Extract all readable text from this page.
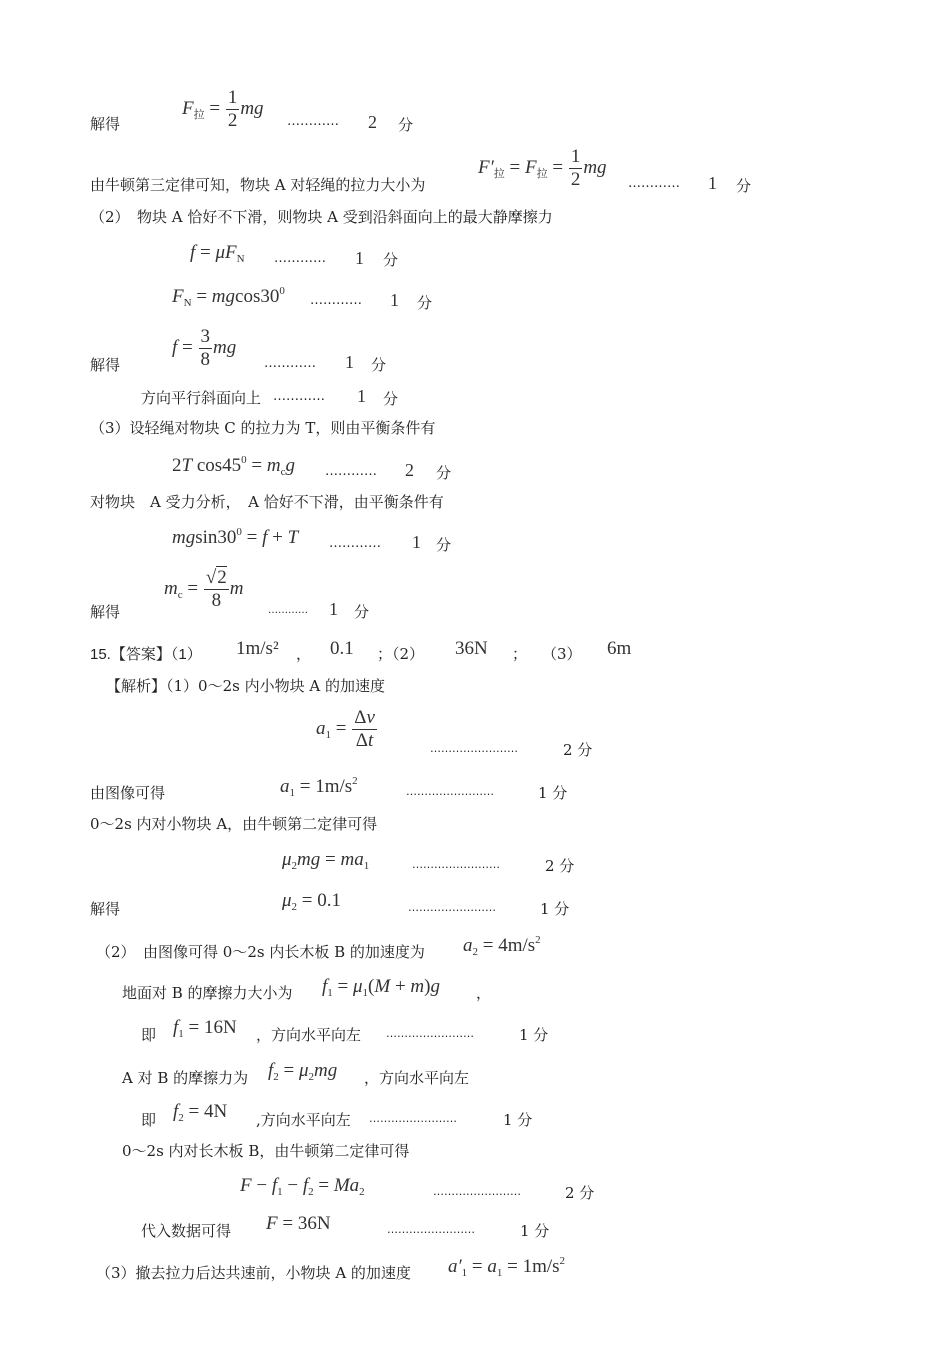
$F_拉 = \frac{1}{2}$ mg
解得	………… 2 分
由牛顿第三定律可知，物块 A 对轻绳的拉力大小为
$F'_拉 = F_拉 = \frac{1}{2}$ mg
………… 1 分
（2）　物块 A 恰好不下滑，则物块 A 受到沿斜面向上的最大静摩擦力
$f = \mu F_N$ ………… 1 分
$F_N = mgcos30^0$
………… 1 分
$f = \frac{3}{8}$ mg
解得	………… 1 分
方向平行斜面向上 ………… 1 分
（3）设轻绳对物块 C 的拉力为 T，则由平衡条件有
2T $\cos 45^0 = m_cg$ ………… 2 分
对物块　A 受力分析，　A 恰好不下滑，由平衡条件有
$mgsin30^0 = f + T$ ………… 1 分
$m_c = \frac{√2}{8}$ m
解得	………… 1 分
15.【答案】（1） 1m/s² ， 0.1 ；（2） 36N ；　　（3） 6m
【解析】（1）0～2s 内小物块 A 的加速度
$a_1 = \frac{\Delta v}{\Delta t}$	……………………	2 分
由图像可得	$a_1 = 1m/s^2$
……………………	1 分
0～2s 内对小物块 A，由牛顿第二定律可得
$\mu_2mg = ma_1$	……………………	2 分
解得	$\mu_2 = 0.1$	……………………	1 分
（2）　由图像可得 0～2s 内长木板 B 的加速度为 $a_2 = 4m/s^2$
地面对 B 的摩擦力大小为 $f_1 = \mu_1(M + m)g$ ，
即 $f_1 = 16N$ ，方向水平向左 ……………………	1 分
A 对 B 的摩擦力为 $f_2 = \mu_2mg$ ，方向水平向左
即 $f_2 = 4N$ ,方向水平向左 ……………………	1 分
0～2s 内对长木板 B，由牛顿第二定律可得
$F - f_1 - f_2 = Ma_2$	……………………	2 分
代入数据可得 F = 36N	……………………	1 分
（3）撤去拉力后达共速前，小物块 A 的加速度 $a'_1 = a_1 = 1m/s^2$
